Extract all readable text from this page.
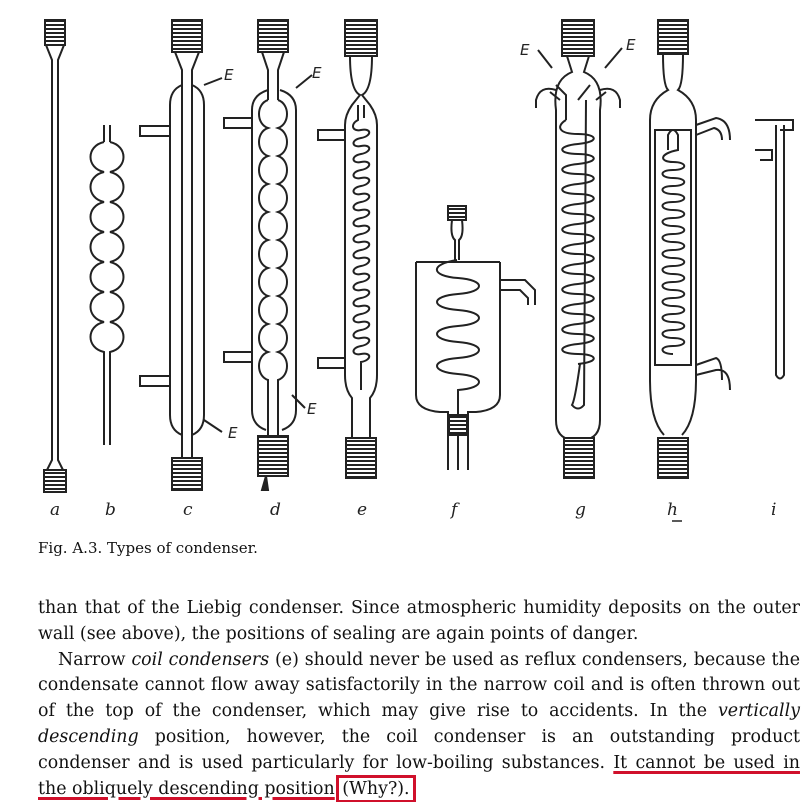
E
E
E
E
E	E
a	b	c	d	e	f	g	h	i
Fig. A.3. Types of condenser.

than that of the Liebig condenser. Since atmospheric humidity deposits on the outer wall (see above), the positions of sealing are again points of danger.

Narrow coil condensers (e) should never be used as reflux condensers, because the condensate cannot flow away satisfactorily in the narrow coil and is often thrown out of the top of the condenser, which may give rise to accidents. In the vertically descending position, however, the coil condenser is an outstanding product condenser and is used particularly for low-boiling substances. It cannot be used in the obliquely descending position (Why?).
